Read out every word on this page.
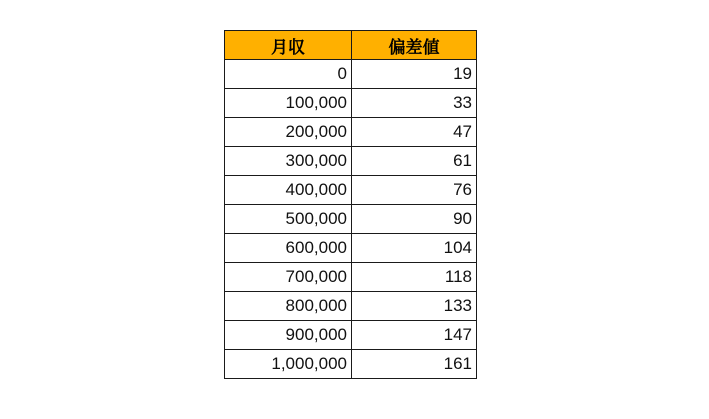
月収	偏差値
0	19
100,000	33
200,000	47
300,000	61
400,000	76
500,000	90
600,000	104
700,000	118
800,000	133
900,000	147
1,000,000	161
